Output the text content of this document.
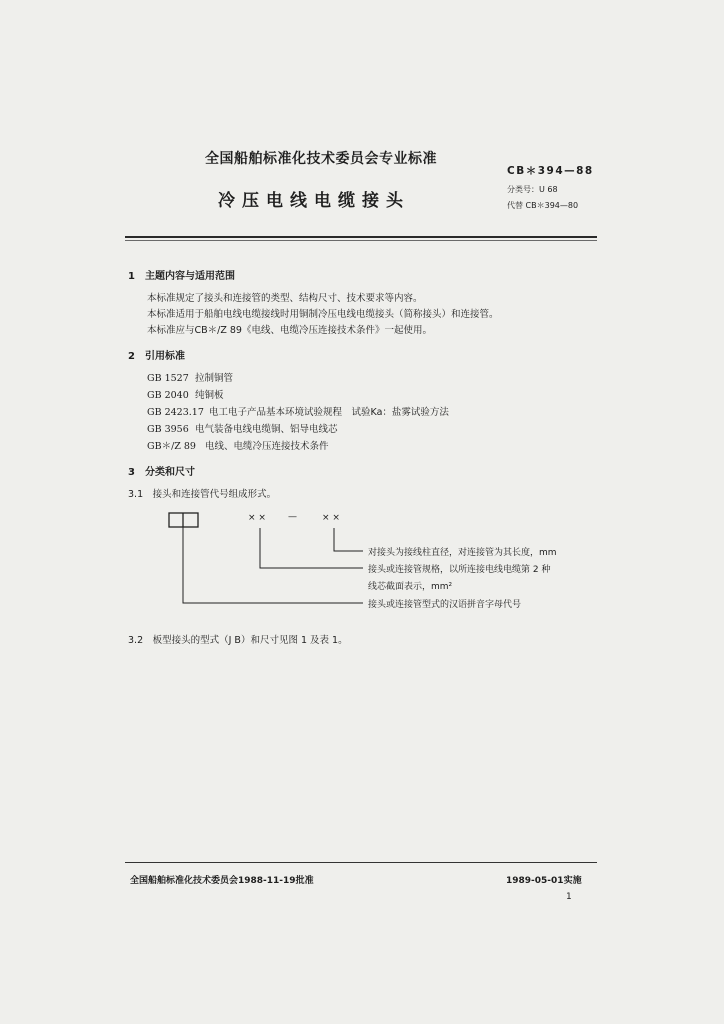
全国船舶标准化技术委员会专业标准
冷压电线电缆接头
CB＊394—88
分类号：U 68
代替 CB＊394—80
1　主题内容与适用范围
本标准规定了接头和连接管的类型、结构尺寸、技术要求等内容。
本标准适用于船舶电线电缆接线时用铜制冷压电线电缆接头（简称接头）和连接管。
本标准应与CB＊/Z 89《电线、电缆冷压连接技术条件》一起使用。
2　引用标准
GB 1527 拉制铜管
GB 2040 纯铜板
GB 2423.17 电工电子产品基本环境试验规程　试验Ka：盐雾试验方法
GB 3956 电气装备电线电缆铜、铝导电线芯
GB＊/Z 89 电线、电缆冷压连接技术条件
3　分类和尺寸
3.1　接头和连接管代号组成形式。
× × —	× ×
对接头为接线柱直径，对连接管为其长度，mm
接头或连接管规格，以所连接电线电缆第 2 种
线芯截面表示，mm²
接头或连接管型式的汉语拼音字母代号
3.2　板型接头的型式（J B）和尺寸见图 1 及表 1。
全国船舶标准化技术委员会1988-11-19批准	1989-05-01实施
1
